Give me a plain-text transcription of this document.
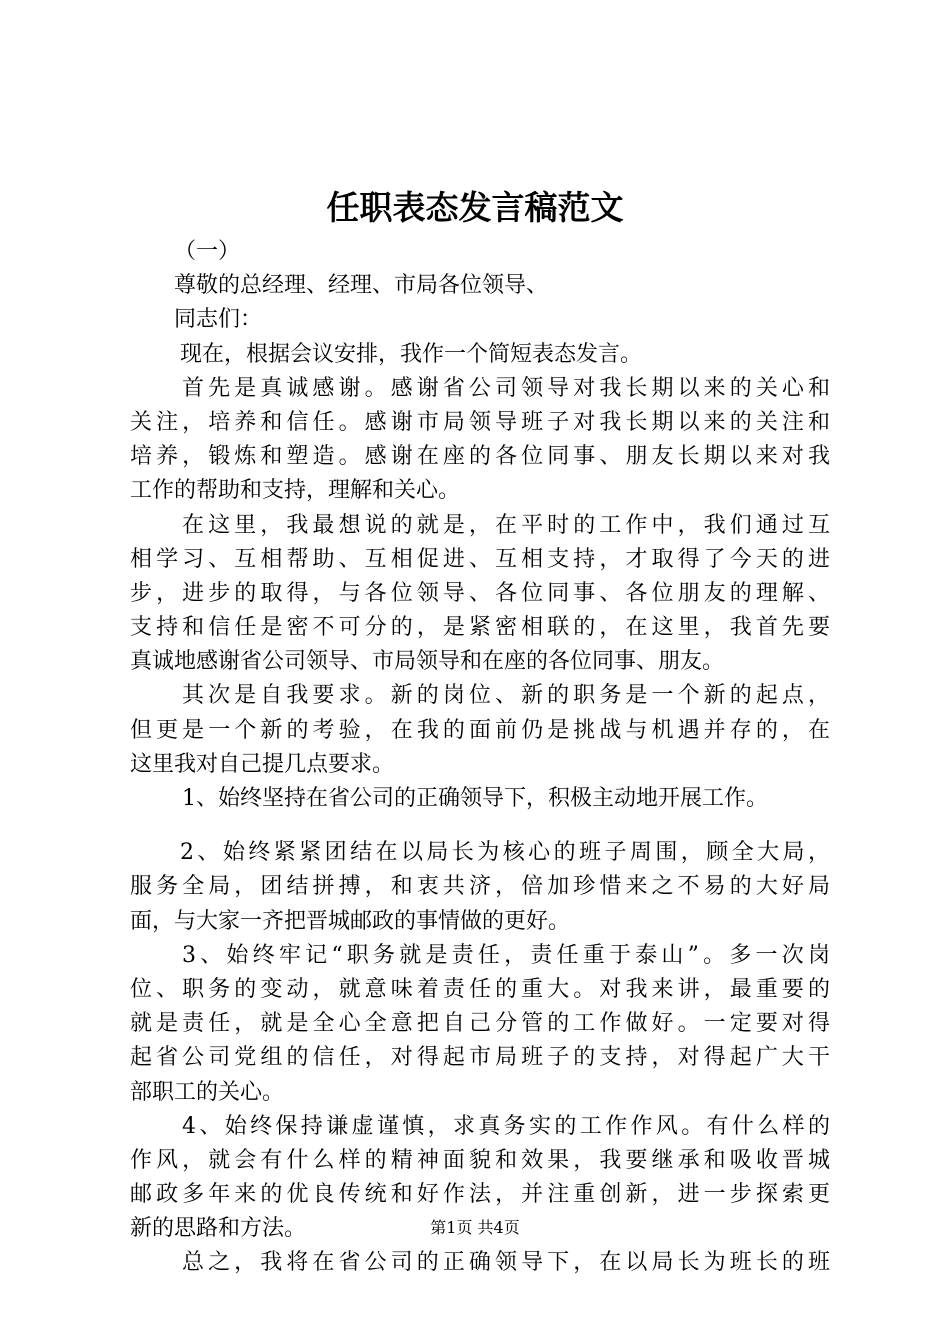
任职表态发言稿范文
（一）
尊敬的总经理、经理、市局各位领导、
同志们：
现在，根据会议安排，我作一个简短表态发言。
首先是真诚感谢。感谢省公司领导对我长期以来的关心和
关注，培养和信任。感谢市局领导班子对我长期以来的关注和
培养，锻炼和塑造。感谢在座的各位同事、朋友长期以来对我
工作的帮助和支持，理解和关心。
在这里，我最想说的就是，在平时的工作中，我们通过互
相学习、互相帮助、互相促进、互相支持，才取得了今天的进
步，进步的取得，与各位领导、各位同事、各位朋友的理解、
支持和信任是密不可分的，是紧密相联的，在这里，我首先要
真诚地感谢省公司领导、市局领导和在座的各位同事、朋友。
其次是自我要求。新的岗位、新的职务是一个新的起点，
但更是一个新的考验，在我的面前仍是挑战与机遇并存的，在
这里我对自己提几点要求。
1、始终坚持在省公司的正确领导下，积极主动地开展工作。
2、始终紧紧团结在以局长为核心的班子周围，顾全大局，
服务全局，团结拼搏，和衷共济，倍加珍惜来之不易的大好局
面，与大家一齐把晋城邮政的事情做的更好。
3、始终牢记“职务就是责任，责任重于泰山”。多一次岗
位、职务的变动，就意味着责任的重大。对我来讲，最重要的
就是责任，就是全心全意把自己分管的工作做好。一定要对得
起省公司党组的信任，对得起市局班子的支持，对得起广大干
部职工的关心。
4、始终保持谦虚谨慎，求真务实的工作作风。有什么样的
作风，就会有什么样的精神面貌和效果，我要继承和吸收晋城
邮政多年来的优良传统和好作法，并注重创新，进一步探索更
新的思路和方法。
总之，我将在省公司的正确领导下，在以局长为班长的班
第1页 共4页
